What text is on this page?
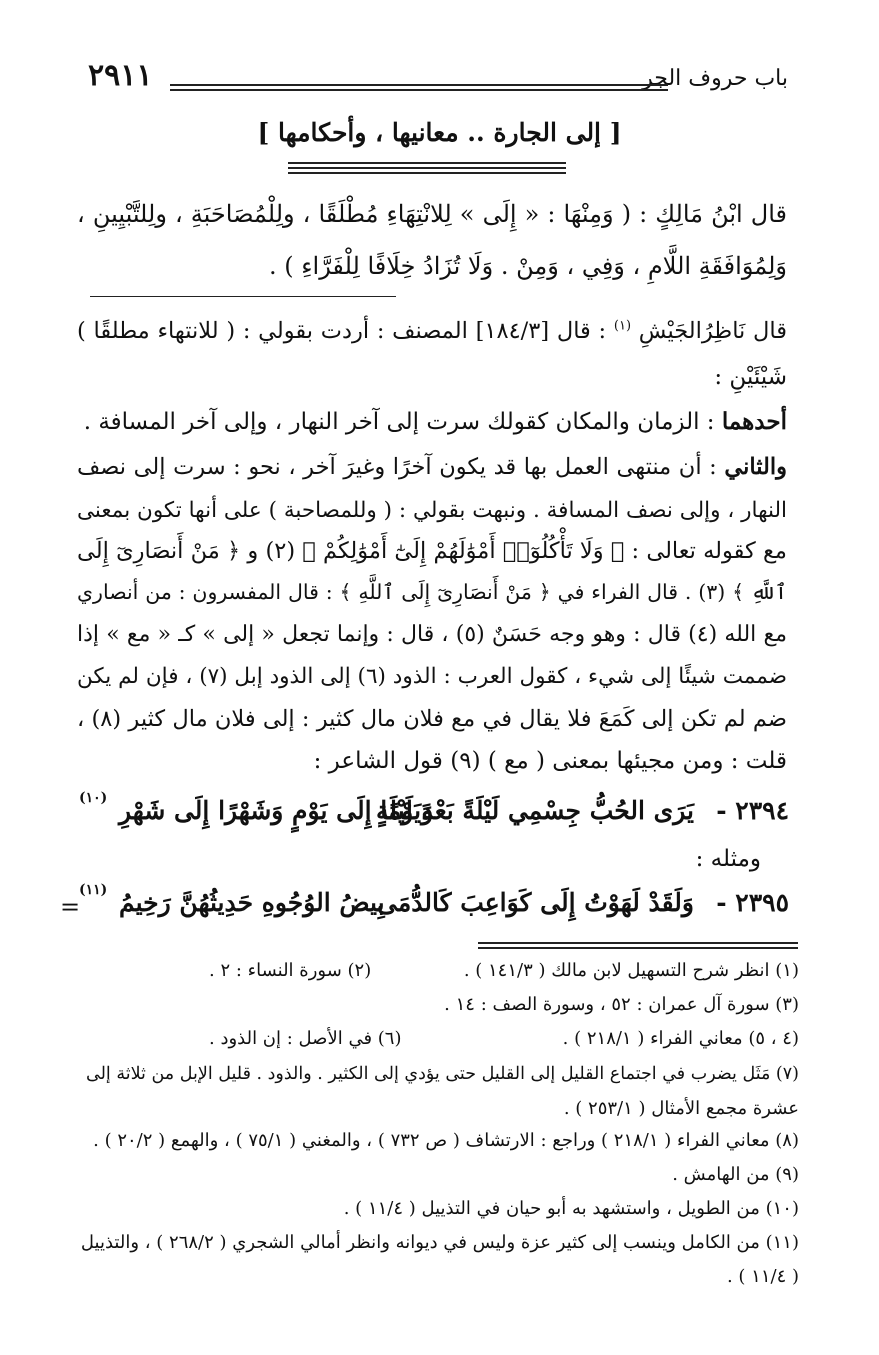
باب حروف الجر
٢٩١١
[ إلى الجارة .. معانيها ، وأحكامها ]
قال ابْنُ مَالِكٍ : ( وَمِنْهَا : « إِلَى » لِلانْتِهَاءِ مُطْلَقًا ، ولِلْمُصَاحَبَةِ ، ولِلتَّبْيِينِ ،
وَلِمُوَافَقَةِ اللَّامِ ، وَفِي ، وَمِنْ . وَلَا تُزَادُ خِلَافًا لِلْفَرَّاءِ ) .
قال نَاظِرُالجَيْشِ $^{(١)}$ : قال [١٨٤/٣] المصنف : أردت بقولي : ( للانتهاء مطلقًا )
شَيْئَيْنِ :
أحدهما : الزمان والمكان كقولك سرت إلى آخر النهار ، وإلى آخر المسافة .
والثاني : أن منتهى العمل بها قد يكون آخرًا وغيرَ آخر ، نحو : سرت إلى نصف
النهار ، وإلى نصف المسافة . ونبهت بقولي : ( وللمصاحبة ) على أنها تكون بمعنى
مع كقوله تعالى : ﴿ وَلَا تَأْكُلُوٓا۟ أَمْوَٰلَهُمْ إِلَىٰٓ أَمْوَٰلِكُمْ ﴾ (٢) و ﴿ مَنْ أَنصَارِىٓ إِلَى
ٱللَّهِ ﴾ (٣) . قال الفراء في ﴿ مَنْ أَنصَارِىٓ إِلَى ٱللَّهِ ﴾ : قال المفسرون : من أنصاري
مع الله (٤) قال : وهو وجه حَسَنٌ (٥) ، قال : وإنما تجعل « إلى » كـ « مع » إذا
ضممت شيئًا إلى شيء ، كقول العرب : الذود (٦) إلى الذود إبل (٧) ، فإن لم يكن
ضم لم تكن إلى كَمَعَ فلا يقال في مع فلان مال كثير : إلى فلان مال كثير (٨) ،
قلت : ومن مجيئها بمعنى ( مع ) (٩) قول الشاعر :
٢٣٩٤ -
يَرَى الحُبُّ جِسْمِي لَيْلَةً بَعْدَ لَيْلَةٍ
وَيَوْمًا إِلَى يَوْمٍ وَشَهْرًا إِلَى شَهْرِ
(١٠)
ومثله :
٢٣٩٥ -
وَلَقَدْ لَهَوْتُ إِلَى كَوَاعِبَ كَالدُّمَى
بِيضُ الوُجُوهِ حَدِيثُهُنَّ رَخِيمُ
(١١)
=
(١) انظر شرح التسهيل لابن مالك ( ١٤١/٣ ) .
(٢) سورة النساء : ٢ .
(٣) سورة آل عمران : ٥٢ ، وسورة الصف : ١٤ .
(٤ ، ٥) معاني الفراء ( ٢١٨/١ ) .
(٦) في الأصل : إن الذود .
(٧) مَثَل يضرب في اجتماع القليل إلى القليل حتى يؤدي إلى الكثير . والذود . قليل الإبل من ثلاثة إلى
عشرة مجمع الأمثال ( ٢٥٣/١ ) .
(٨) معاني الفراء ( ٢١٨/١ ) وراجع : الارتشاف ( ص ٧٣٢ ) ، والمغني ( ٧٥/١ ) ، والهمع ( ٢٠/٢ ) .
(٩) من الهامش .
(١٠) من الطويل ، واستشهد به أبو حيان في التذييل ( ١١/٤ ) .
(١١) من الكامل وينسب إلى كثير عزة وليس في ديوانه وانظر أمالي الشجري ( ٢٦٨/٢ ) ، والتذييل
( ١١/٤ ) .
